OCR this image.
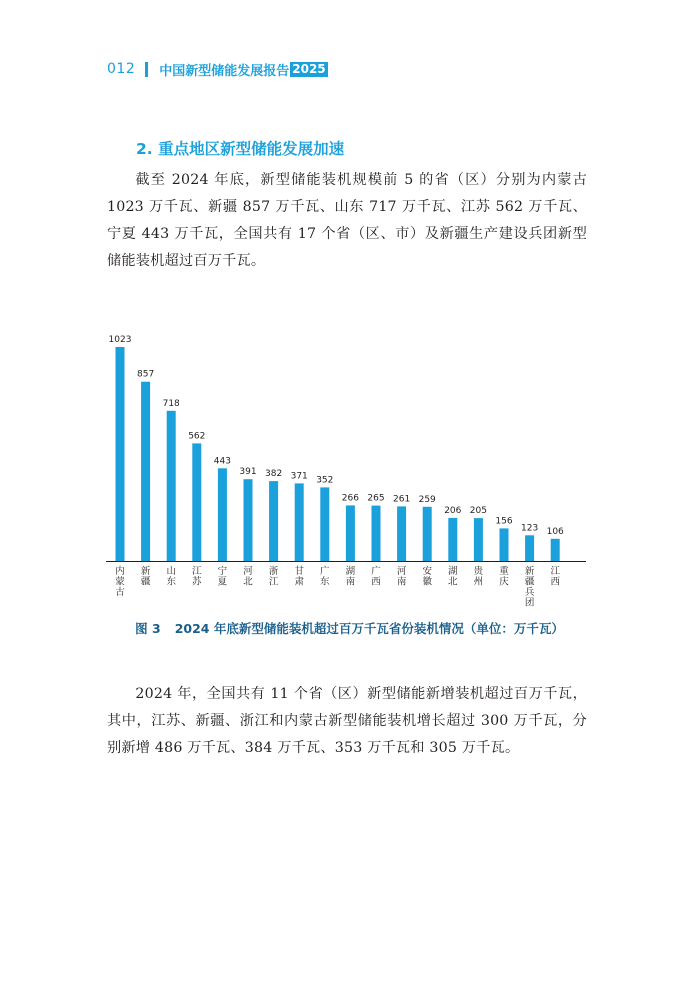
012 中国新型储能发展报告 2025
2. 重点地区新型储能发展加速

截至 2024 年底，新型储能装机规模前 5 的省（区）分别为内蒙古 1023 万千瓦、新疆 857 万千瓦、山东 717 万千瓦、江苏 562 万千瓦、宁夏 443 万千瓦，全国共有 17 个省（区、市）及新疆生产建设兵团新型储能装机超过百万千瓦。

1023
内蒙古
857
新疆
718
山东
562
江苏
443
宁夏
391
河北
382
浙江
371
甘肃
352
广东
266
湖南
265
广西
261
河南
259
安徽
206
湖北
205
贵州
156
重庆
123
新疆兵团
106
江西

图 3 2024 年底新型储能装机超过百万千瓦省份装机情况（单位：万千瓦）

2024 年，全国共有 11 个省（区）新型储能新增装机超过百万千瓦，其中，江苏、新疆、浙江和内蒙古新型储能装机增长超过 300 万千瓦，分别新增 486 万千瓦、384 万千瓦、353 万千瓦和 305 万千瓦。
